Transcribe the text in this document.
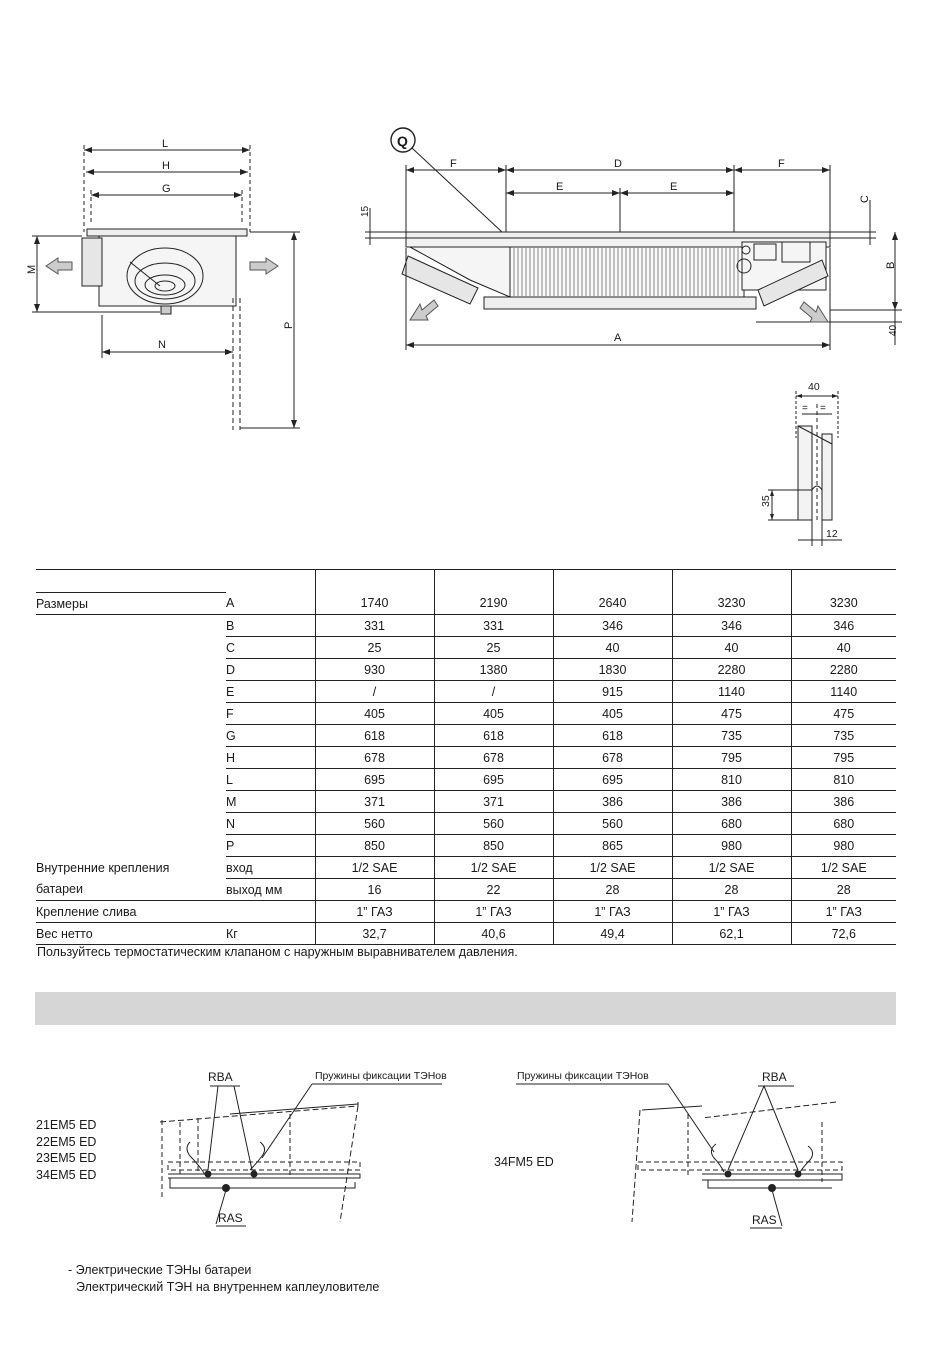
L
H
G
M
N
P
Q
F	D	F
E	E
15
C
B
40
A
40
= =
35
12

Размеры	A	1740	2190	2640	3230	3230
	B	331	331	346	346	346
	C	25	25	40	40	40
	D	930	1380	1830	2280	2280
	E	/	/	915	1140	1140
	F	405	405	405	475	475
	G	618	618	618	735	735
	H	678	678	678	795	795
	L	695	695	695	810	810
	M	371	371	386	386	386
	N	560	560	560	680	680
	P	850	850	865	980	980
Внутренние крепления	вход	1/2 SAE	1/2 SAE	1/2 SAE	1/2 SAE	1/2 SAE
батареи	выход мм	16	22	28	28	28
Крепление слива		1” ГАЗ	1” ГАЗ	1” ГАЗ	1” ГАЗ	1” ГАЗ
Вес нетто	Кг	32,7	40,6	49,4	62,1	72,6
Пользуйтесь термостатическим клапаном с наружным выравнивателем давления.
21EM5 ED
22EM5 ED
23EM5 ED
34EM5 ED
34FM5 ED
RBA	Пружины фиксации ТЭНов
RAS
RBA
Пружины фиксации ТЭНов
RAS
- Электрические ТЭНы батареи
Электрический ТЭН на внутреннем каплеуловителе
